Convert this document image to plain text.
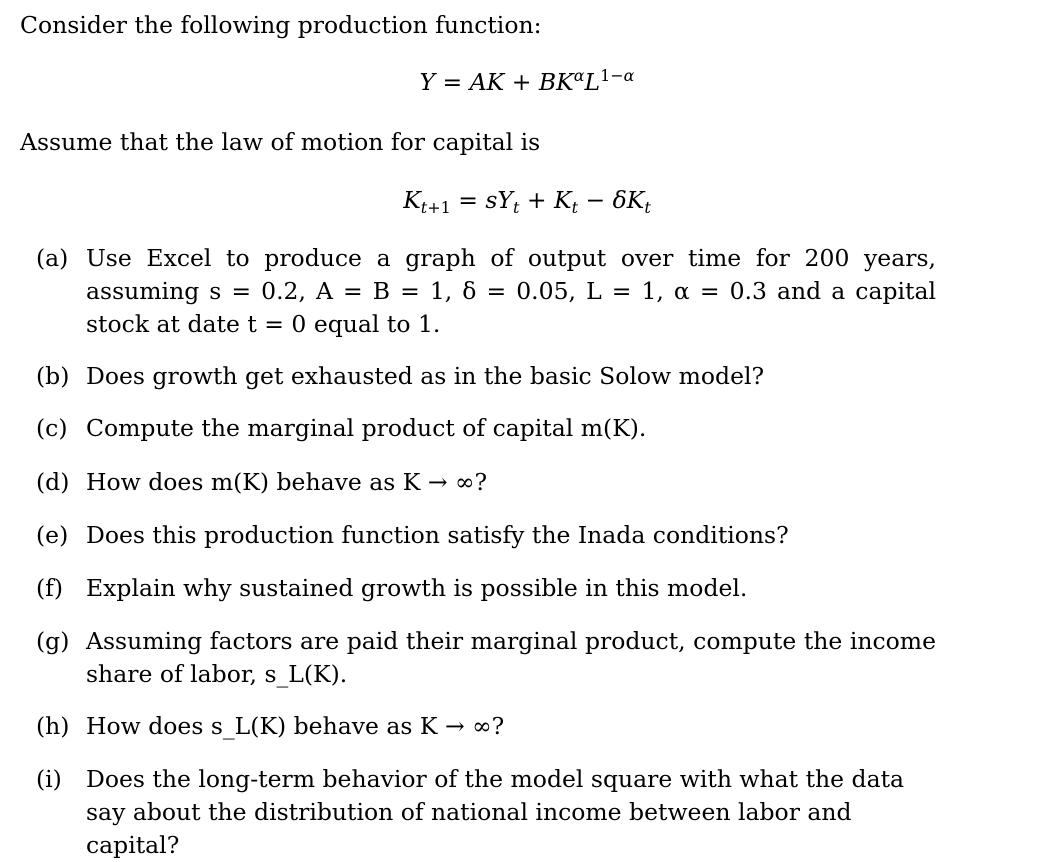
Consider the following production function:
Y = AK + $BK^\alpha L^{1-\alpha}$
Assume that the law of motion for capital is
$K_{t+1} = sY_t + K_t - \delta K_t$
(a) Use Excel to produce a graph of output over time for 200 years, assuming s = 0.2, A = B = 1, δ = 0.05, L = 1, α = 0.3 and a capital stock at date t = 0 equal to 1.
(b) Does growth get exhausted as in the basic Solow model?
(c) Compute the marginal product of capital m(K).
(d) How does m(K) behave as K → ∞?
(e) Does this production function satisfy the Inada conditions?
(f) Explain why sustained growth is possible in this model.
(g) Assuming factors are paid their marginal product, compute the income share of labor, s_L(K).
(h) How does s_L(K) behave as K → ∞?
(i)	Does the long-term behavior of the model square with what the data say about the distribution of national income between labor and capital?
